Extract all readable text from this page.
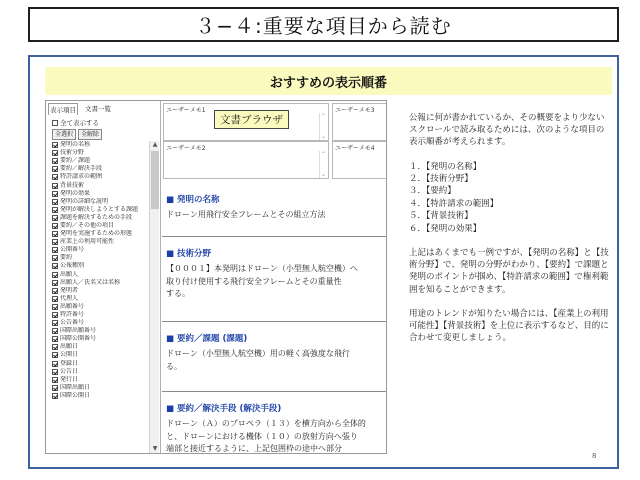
３−４:重要な項目から読む
おすすめの表示順番
表示項目	文書一覧
全て表示する
全選択	全解除
発明の名称
技術分野
要約／課題
要約／解決手段
特許請求の範囲
背景技術
発明の効果
発明の詳細な説明
発明が解決しようとする課題
課題を解決するための手段
要約／その他の項目
発明を実施するための形態
産業上の利用可能性
公開番号
要約
公報種別
出願人
出願人／氏名又は名称
発明者
代理人
出願番号
特許番号
公告番号
国際出願番号
国際公開番号
出願日
公開日
登録日
公告日
発行日
国際出願日
国際公開日
▲
▼
ユーザーメモ1
⌃
⌄
ユーザーメモ3
ユーザーメモ2
⌃
⌄
ユーザーメモ4
文書ブラウザ
■ 発明の名称

ドローン用飛行安全フレームとその組立方法

■ 技術分野

【０００１】本発明はドローン（小型無人航空機）へ
取り付け使用する飛行安全フレームとその重量性
する。

■ 要約／課題 (課題)

ドローン（小型無人航空機）用の軽く高強度な飛行
る。

■ 要約／解決手段 (解決手段)

ドローン（Ａ）のプロペラ（１３）を横方向から全体的
と、ドローンにおける機体（１０）の放射方向へ張り
端部と接近するように、上記包囲枠の途中へ部分

公報に何が書かれているか、その概要をより少ないスクロールで読み取るためには、次のような項目の表示順番が考えられます。

１．【発明の名称】
２．【技術分野】
３．【要約】
４．【特許請求の範囲】
５．【背景技術】
６．【発明の効果】

上記はあくまでも一例ですが、【発明の名称】と【技術分野】で、発明の分野がわかり、【要約】で課題と発明のポイントが掴め、【特許請求の範囲】で権利範囲を知ることができます。

用途のトレンドが知りたい場合には、【産業上の利用可能性】【背景技術】を上位に表示するなど、目的に合わせて変更しましょう。

8
